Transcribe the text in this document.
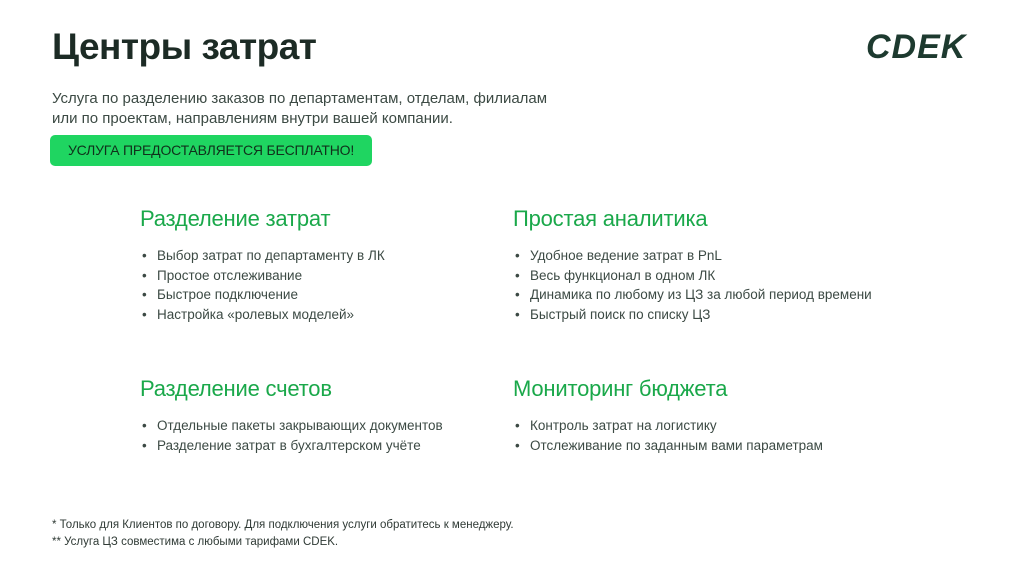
Центры затрат	CDEK
Услуга по разделению заказов по департаментам, отделам, филиалам
или по проектам, направлениям внутри вашей компании.
УСЛУГА ПРЕДОСТАВЛЯЕТСЯ БЕСПЛАТНО!
Разделение затрат
• Выбор затрат по департаменту в ЛК
• Простое отслеживание
• Быстрое подключение
• Настройка «ролевых моделей»
Простая аналитика
• Удобное ведение затрат в PnL
• Весь функционал в одном ЛК
• Динамика по любому из ЦЗ за любой период времени
• Быстрый поиск по списку ЦЗ
Разделение счетов
• Отдельные пакеты закрывающих документов
• Разделение затрат в бухгалтерском учёте
Мониторинг бюджета
• Контроль затрат на логистику
• Отслеживание по заданным вами параметрам
* Только для Клиентов по договору. Для подключения услуги обратитесь к менеджеру.
** Услуга ЦЗ совместима с любыми тарифами CDEK.
